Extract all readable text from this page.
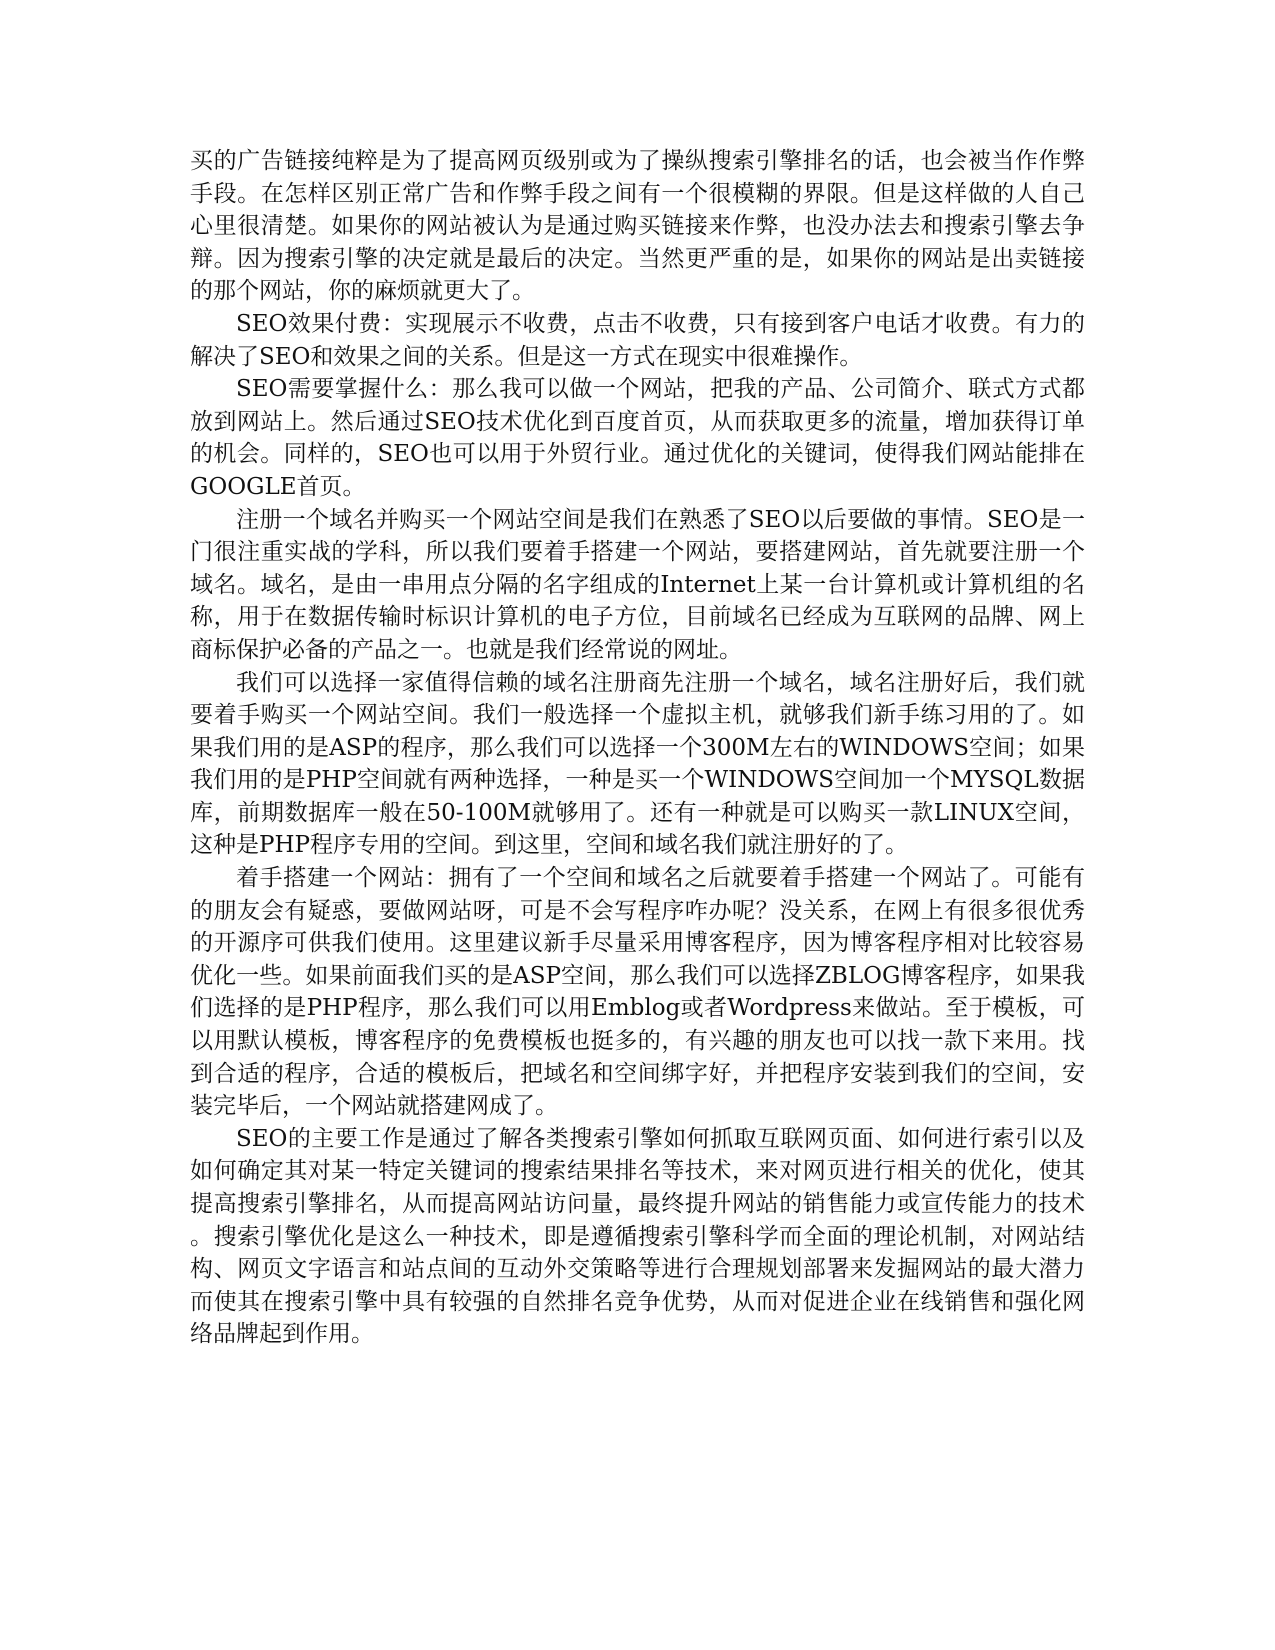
买的广告链接纯粹是为了提高网页级别或为了操纵搜索引擎排名的话，也会被当作作弊手段。在怎样区别正常广告和作弊手段之间有一个很模糊的界限。但是这样做的人自己心里很清楚。如果你的网站被认为是通过购买链接来作弊，也没办法去和搜索引擎去争辩。因为搜索引擎的决定就是最后的决定。当然更严重的是，如果你的网站是出卖链接的那个网站，你的麻烦就更大了。

SEO效果付费：实现展示不收费，点击不收费，只有接到客户电话才收费。有力的解决了SEO和效果之间的关系。但是这一方式在现实中很难操作。

SEO需要掌握什么：那么我可以做一个网站，把我的产品、公司简介、联式方式都放到网站上。然后通过SEO技术优化到百度首页，从而获取更多的流量，增加获得订单的机会。同样的，SEO也可以用于外贸行业。通过优化的关键词，使得我们网站能排在GOOGLE首页。

注册一个域名并购买一个网站空间是我们在熟悉了SEO以后要做的事情。SEO是一门很注重实战的学科，所以我们要着手搭建一个网站，要搭建网站，首先就要注册一个域名。域名，是由一串用点分隔的名字组成的Internet上某一台计算机或计算机组的名称，用于在数据传输时标识计算机的电子方位，目前域名已经成为互联网的品牌、网上商标保护必备的产品之一。也就是我们经常说的网址。

我们可以选择一家值得信赖的域名注册商先注册一个域名，域名注册好后，我们就要着手购买一个网站空间。我们一般选择一个虚拟主机，就够我们新手练习用的了。如果我们用的是ASP的程序，那么我们可以选择一个300M左右的WINDOWS空间；如果我们用的是PHP空间就有两种选择，一种是买一个WINDOWS空间加一个MYSQL数据库，前期数据库一般在50-100M就够用了。还有一种就是可以购买一款LINUX空间，这种是PHP程序专用的空间。到这里，空间和域名我们就注册好的了。

着手搭建一个网站：拥有了一个空间和域名之后就要着手搭建一个网站了。可能有的朋友会有疑惑，要做网站呀，可是不会写程序咋办呢？没关系，在网上有很多很优秀的开源序可供我们使用。这里建议新手尽量采用博客程序，因为博客程序相对比较容易优化一些。如果前面我们买的是ASP空间，那么我们可以选择ZBLOG博客程序，如果我们选择的是PHP程序，那么我们可以用Emblog或者Wordpress来做站。至于模板，可以用默认模板，博客程序的免费模板也挺多的，有兴趣的朋友也可以找一款下来用。找到合适的程序，合适的模板后，把域名和空间绑字好，并把程序安装到我们的空间，安装完毕后，一个网站就搭建网成了。

SEO的主要工作是通过了解各类搜索引擎如何抓取互联网页面、如何进行索引以及如何确定其对某一特定关键词的搜索结果排名等技术，来对网页进行相关的优化，使其提高搜索引擎排名，从而提高网站访问量，最终提升网站的销售能力或宣传能力的技术。搜索引擎优化是这么一种技术，即是遵循搜索引擎科学而全面的理论机制，对网站结构、网页文字语言和站点间的互动外交策略等进行合理规划部署来发掘网站的最大潜力而使其在搜索引擎中具有较强的自然排名竞争优势，从而对促进企业在线销售和强化网络品牌起到作用。
